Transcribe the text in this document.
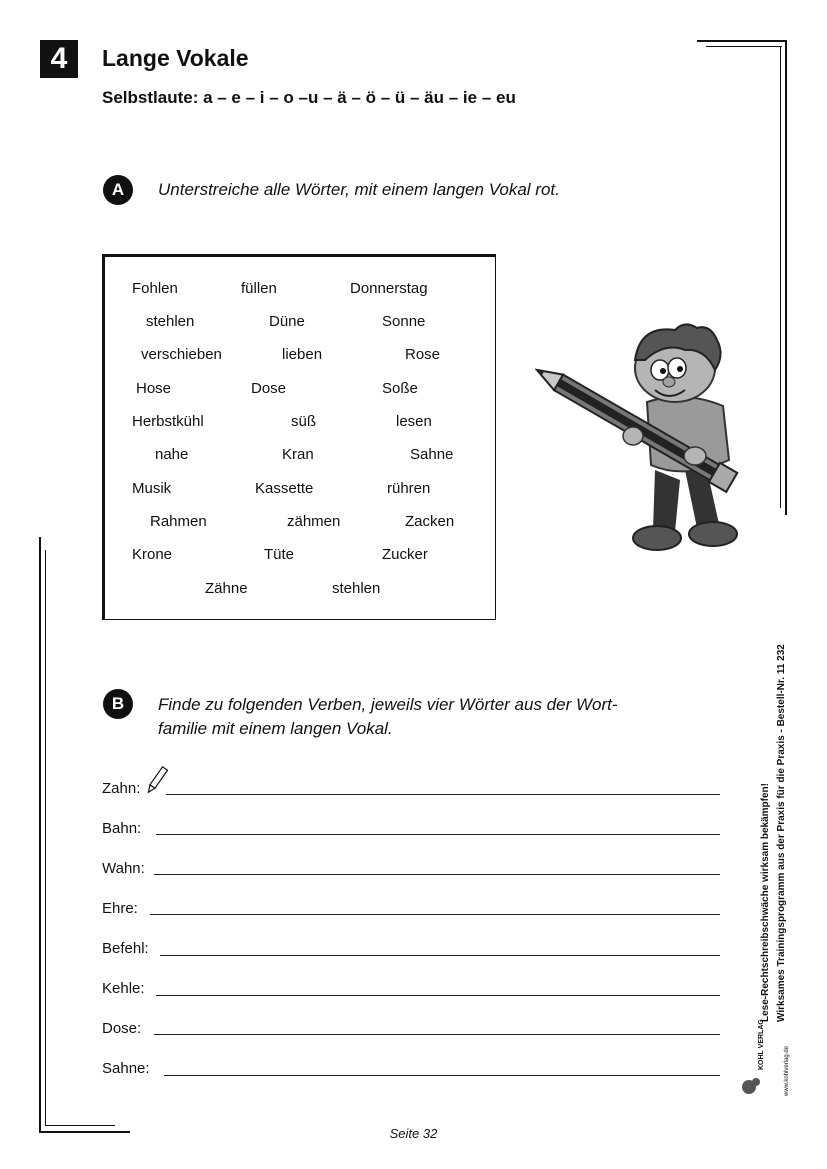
4	Lange Vokale
Selbstlaute: a – e – i – o –u – ä – ö – ü – äu – ie – eu
A	Unterstreiche alle Wörter, mit einem langen Vokal rot.
Fohlen	füllen	Donnerstag
stehlen	Düne	Sonne
verschieben	lieben	Rose
Hose	Dose	Soße
Herbstkühl	süß	lesen
nahe	Kran	Sahne
Musik	Kassette	rühren
Rahmen	zähmen	Zacken
Krone	Tüte	Zucker
Zähne	stehlen
B	Finde zu folgenden Verben, jeweils vier Wörter aus der Wort-
familie mit einem langen Vokal.
Zahn:
Bahn:
Wahn:
Ehre:
Befehl:
Kehle:
Dose:
Sahne:
Lese-Rechtschreibschwäche wirksam bekämpfen! Wirksames Trainingsprogramm aus der Praxis für die Praxis - Bestell-Nr. 11 232
KOHL VERLAG
www.kohlverlag.de
Seite 32
